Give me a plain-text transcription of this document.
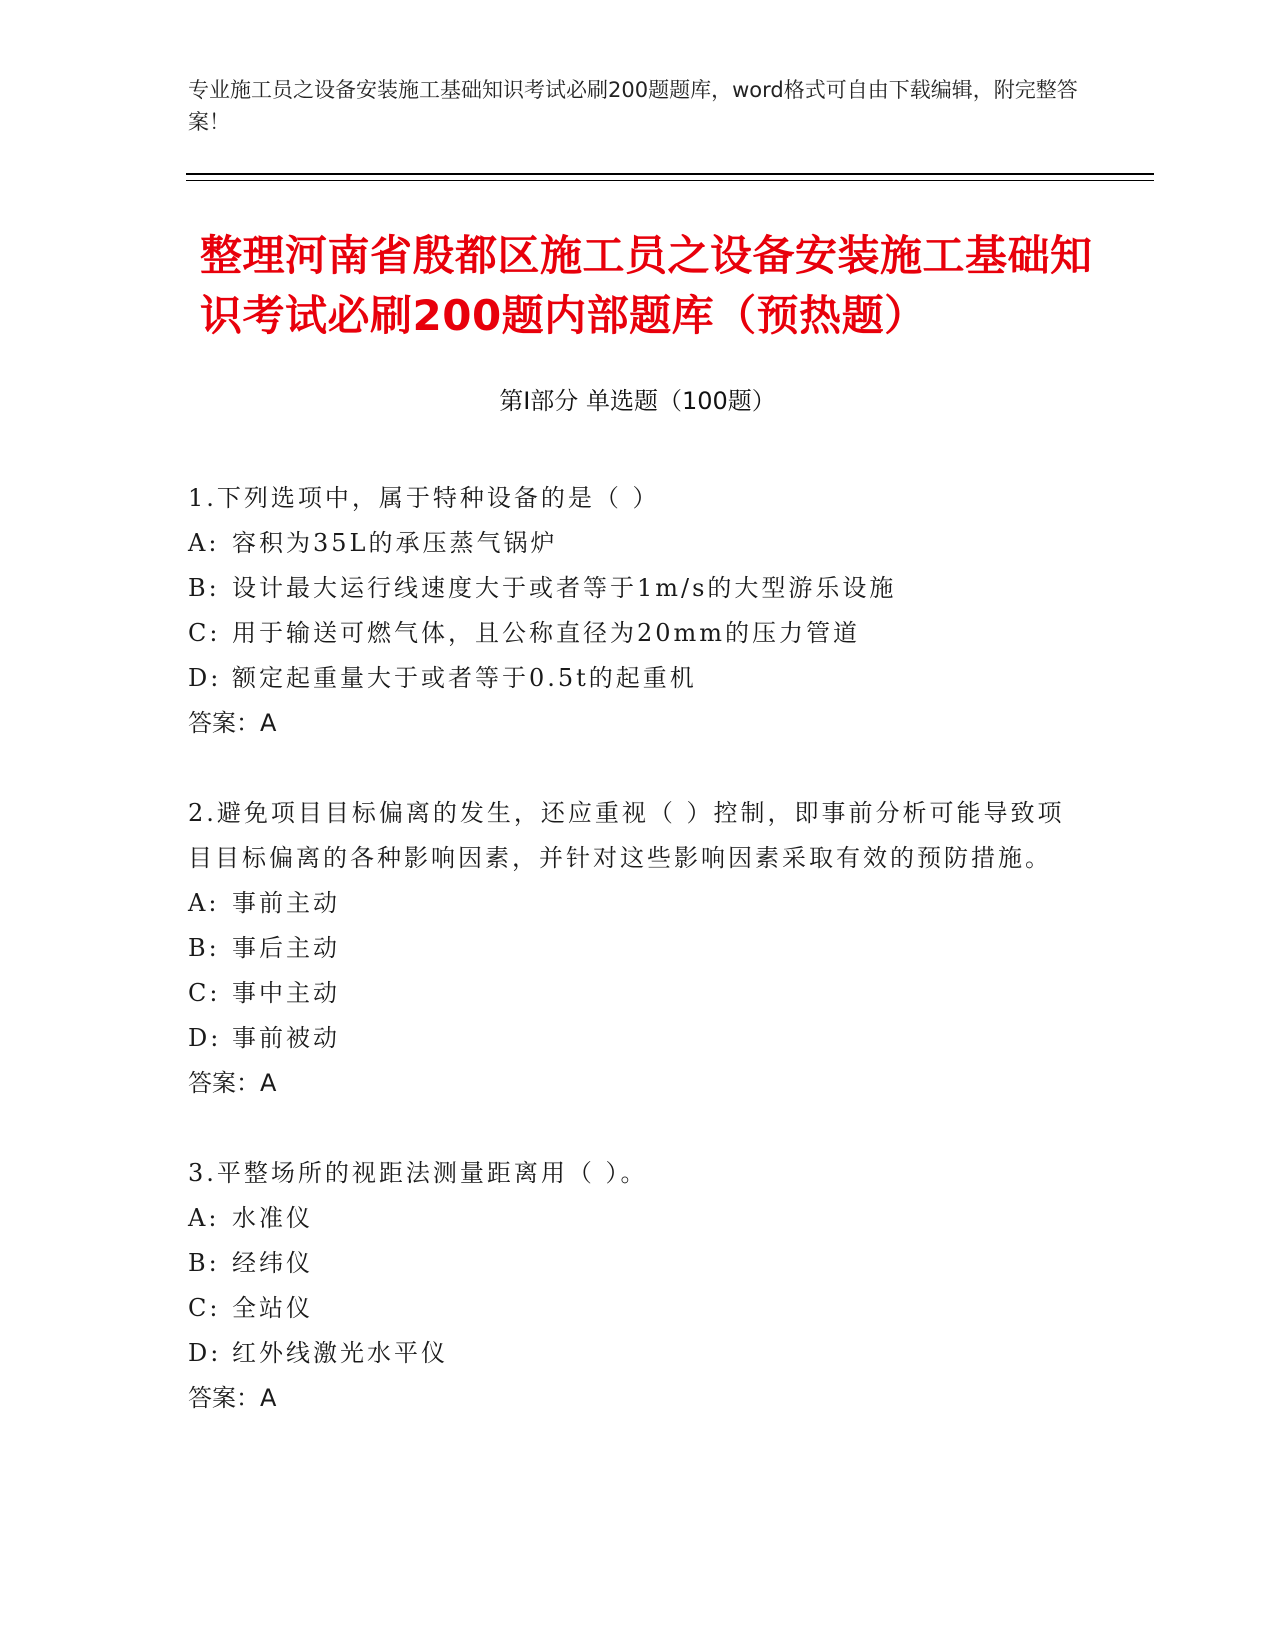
专业施工员之设备安装施工基础知识考试必刷200题题库，word格式可自由下载编辑，附完整答案！
整理河南省殷都区施工员之设备安装施工基础知识考试必刷200题内部题库（预热题）
第Ⅰ部分 单选题（100题）

1.下列选项中，属于特种设备的是（ ）

A: 容积为35L的承压蒸气锅炉

B: 设计最大运行线速度大于或者等于1m/s的大型游乐设施

C: 用于输送可燃气体，且公称直径为20mm的压力管道

D: 额定起重量大于或者等于0.5t的起重机

答案：A

2.避免项目目标偏离的发生，还应重视（ ）控制，即事前分析可能导致项目目标偏离的各种影响因素，并针对这些影响因素采取有效的预防措施。

A: 事前主动

B: 事后主动

C: 事中主动

D: 事前被动

答案：A

3.平整场所的视距法测量距离用（ ）。

A: 水准仪

B: 经纬仪

C: 全站仪

D: 红外线激光水平仪

答案：A
